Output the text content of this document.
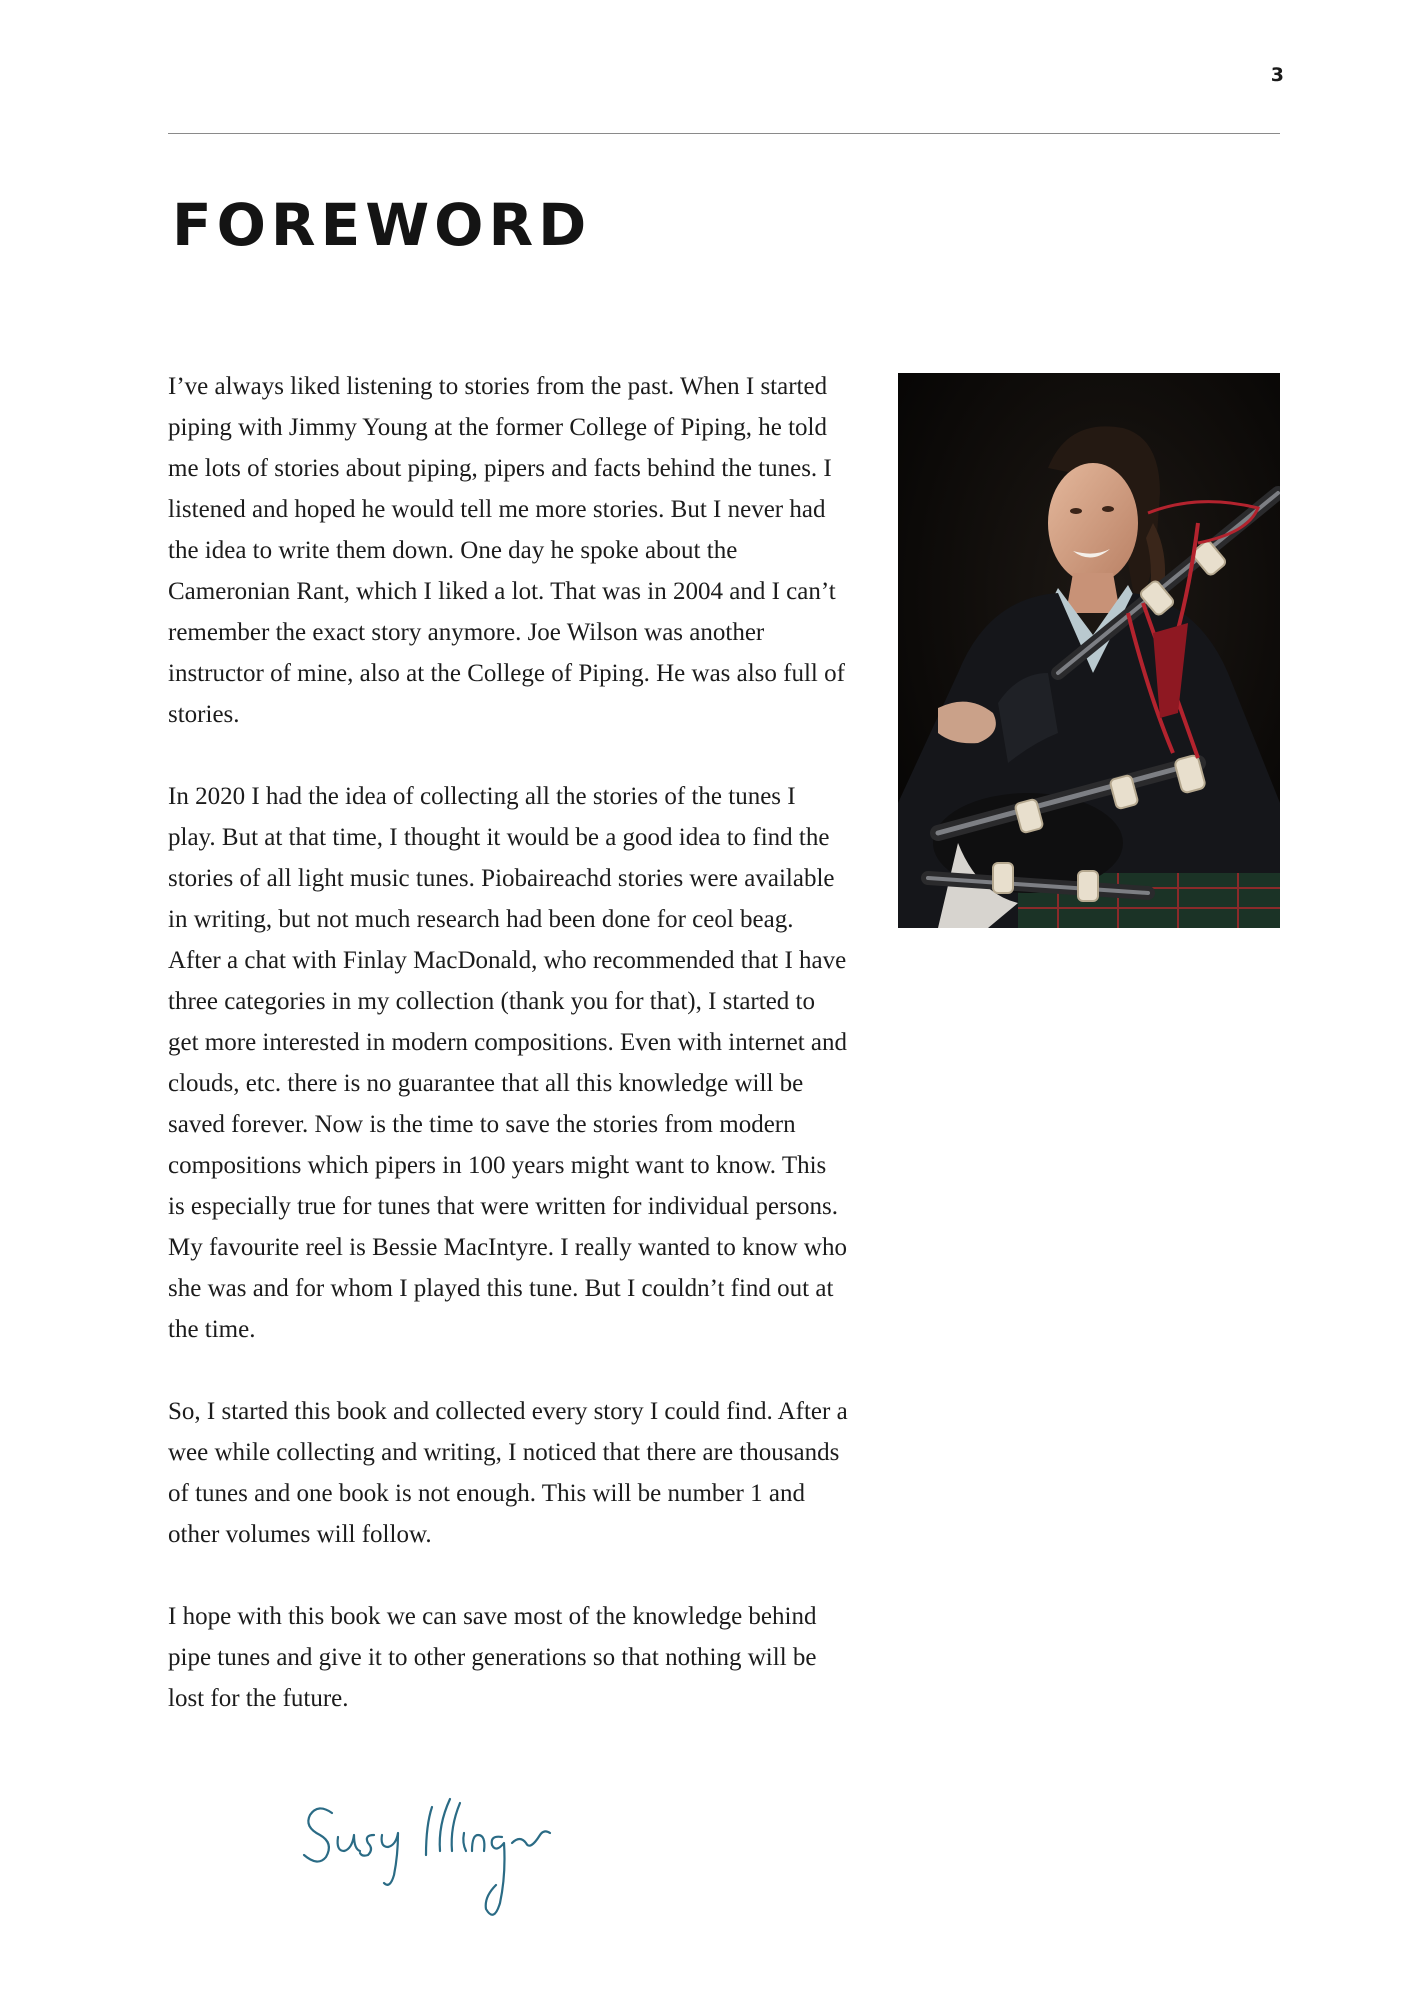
3
FOREWORD

I’ve always liked listening to stories from the past. When I started piping with Jimmy Young at the former College of Piping, he told me lots of stories about piping, pipers and facts behind the tunes. I listened and hoped he would tell me more stories. But I never had the idea to write them down. One day he spoke about the Cameronian Rant, which I liked a lot. That was in 2004 and I can’t remember the exact story anymore. Joe Wilson was another instructor of mine, also at the College of Piping. He was also full of stories.

In 2020 I had the idea of collecting all the stories of the tunes I play. But at that time, I thought it would be a good idea to find the stories of all light music tunes. Piobaireachd stories were available in writing, but not much research had been done for ceol beag. After a chat with Finlay MacDonald, who recommended that I have three categories in my collection (thank you for that), I started to get more interested in modern compositions. Even with internet and clouds, etc. there is no guarantee that all this knowledge will be saved forever. Now is the time to save the stories from modern compositions which pipers in 100 years might want to know. This is especially true for tunes that were written for individual persons. My favourite reel is Bessie MacIntyre. I really wanted to know who she was and for whom I played this tune. But I couldn’t find out at the time.

So, I started this book and collected every story I could find. After a wee while collecting and writing, I noticed that there are thousands of tunes and one book is not enough. This will be number 1 and other volumes will follow.

I hope with this book we can save most of the knowledge behind pipe tunes and give it to other generations so that nothing will be lost for the future.
